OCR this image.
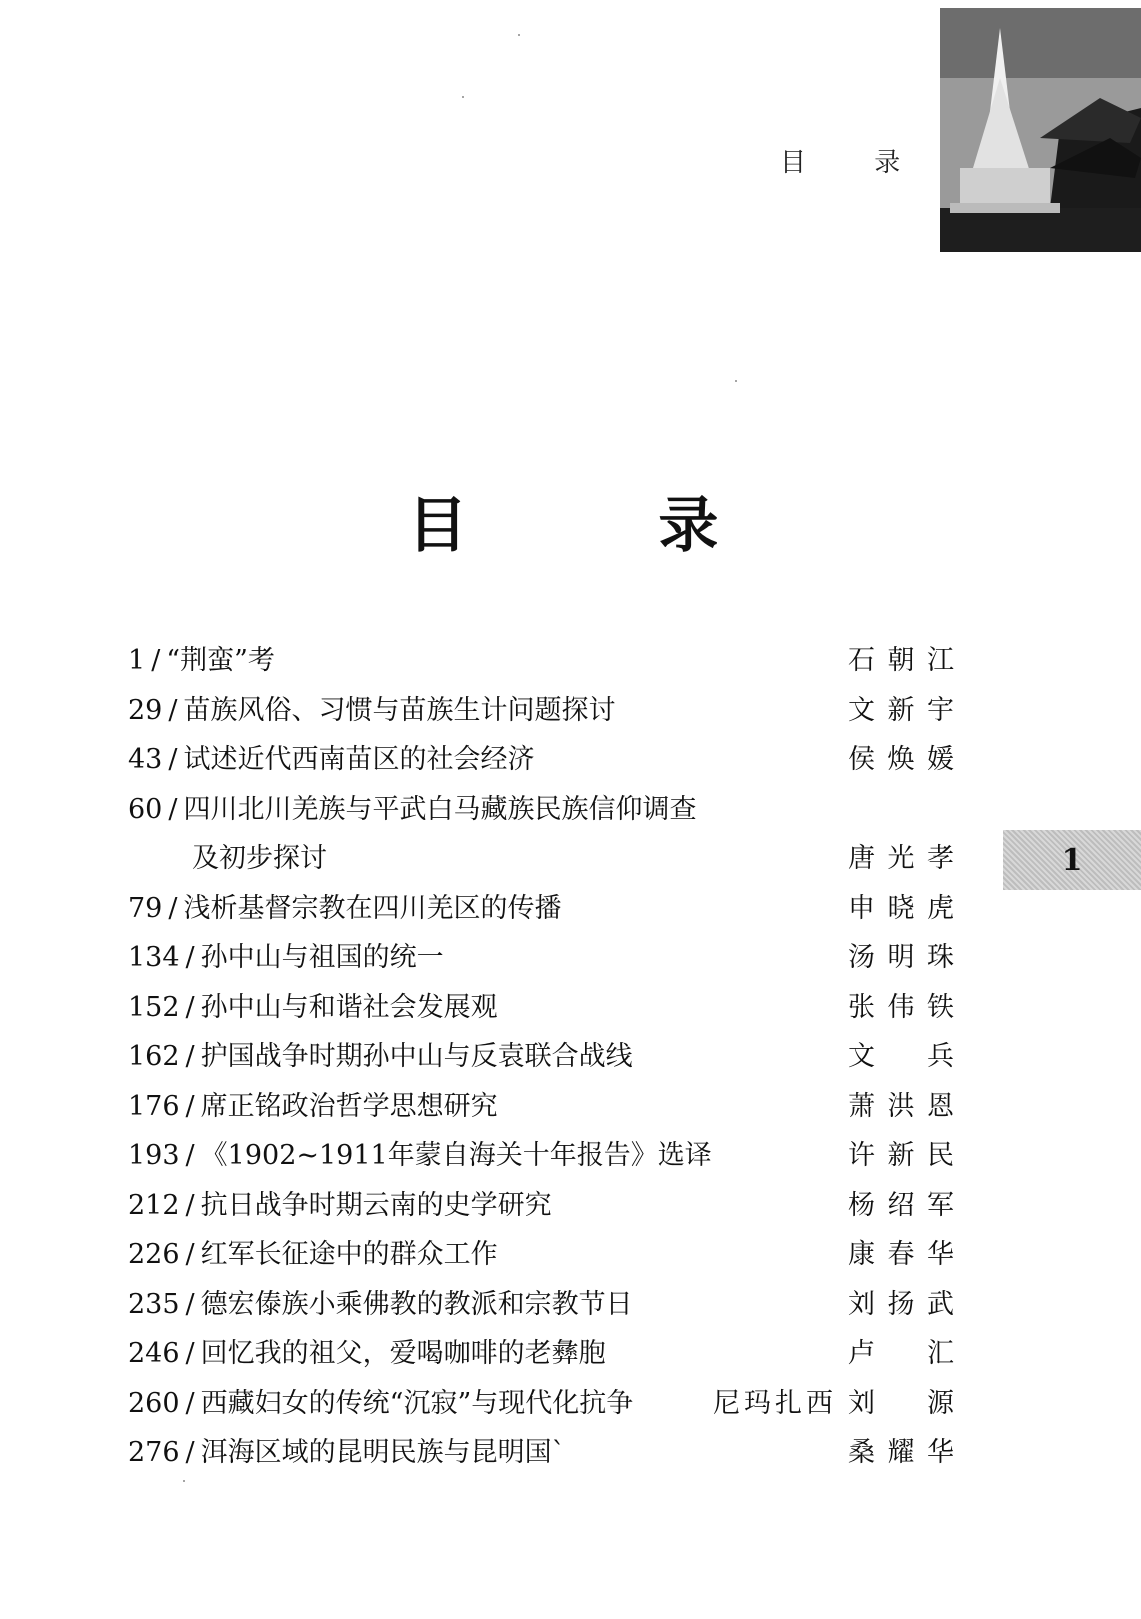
目 录
目 录
1 / “荆蛮”考	石朝江
29 / 苗族风俗、习惯与苗族生计问题探讨	文新宇
43 / 试述近代西南苗区的社会经济	侯焕媛
60 / 四川北川羌族与平武白马藏族民族信仰调查
及初步探讨	唐光孝
79 / 浅析基督宗教在四川羌区的传播	申晓虎
134 / 孙中山与祖国的统一	汤明珠
152 / 孙中山与和谐社会发展观	张伟铁
162 / 护国战争时期孙中山与反袁联合战线	文 兵
176 / 席正铭政治哲学思想研究	萧洪恩
193 / 《1902~1911年蒙自海关十年报告》选译	许新民
212 / 抗日战争时期云南的史学研究	杨绍军
226 / 红军长征途中的群众工作	康春华
235 / 德宏傣族小乘佛教的教派和宗教节日	刘扬武
246 / 回忆我的祖父，爱喝咖啡的老彝胞	卢 汇
260 / 西藏妇女的传统“沉寂”与现代化抗争	尼玛扎西 刘 源
276 / 洱海区域的昆明民族与昆明国`	桑耀华
1
